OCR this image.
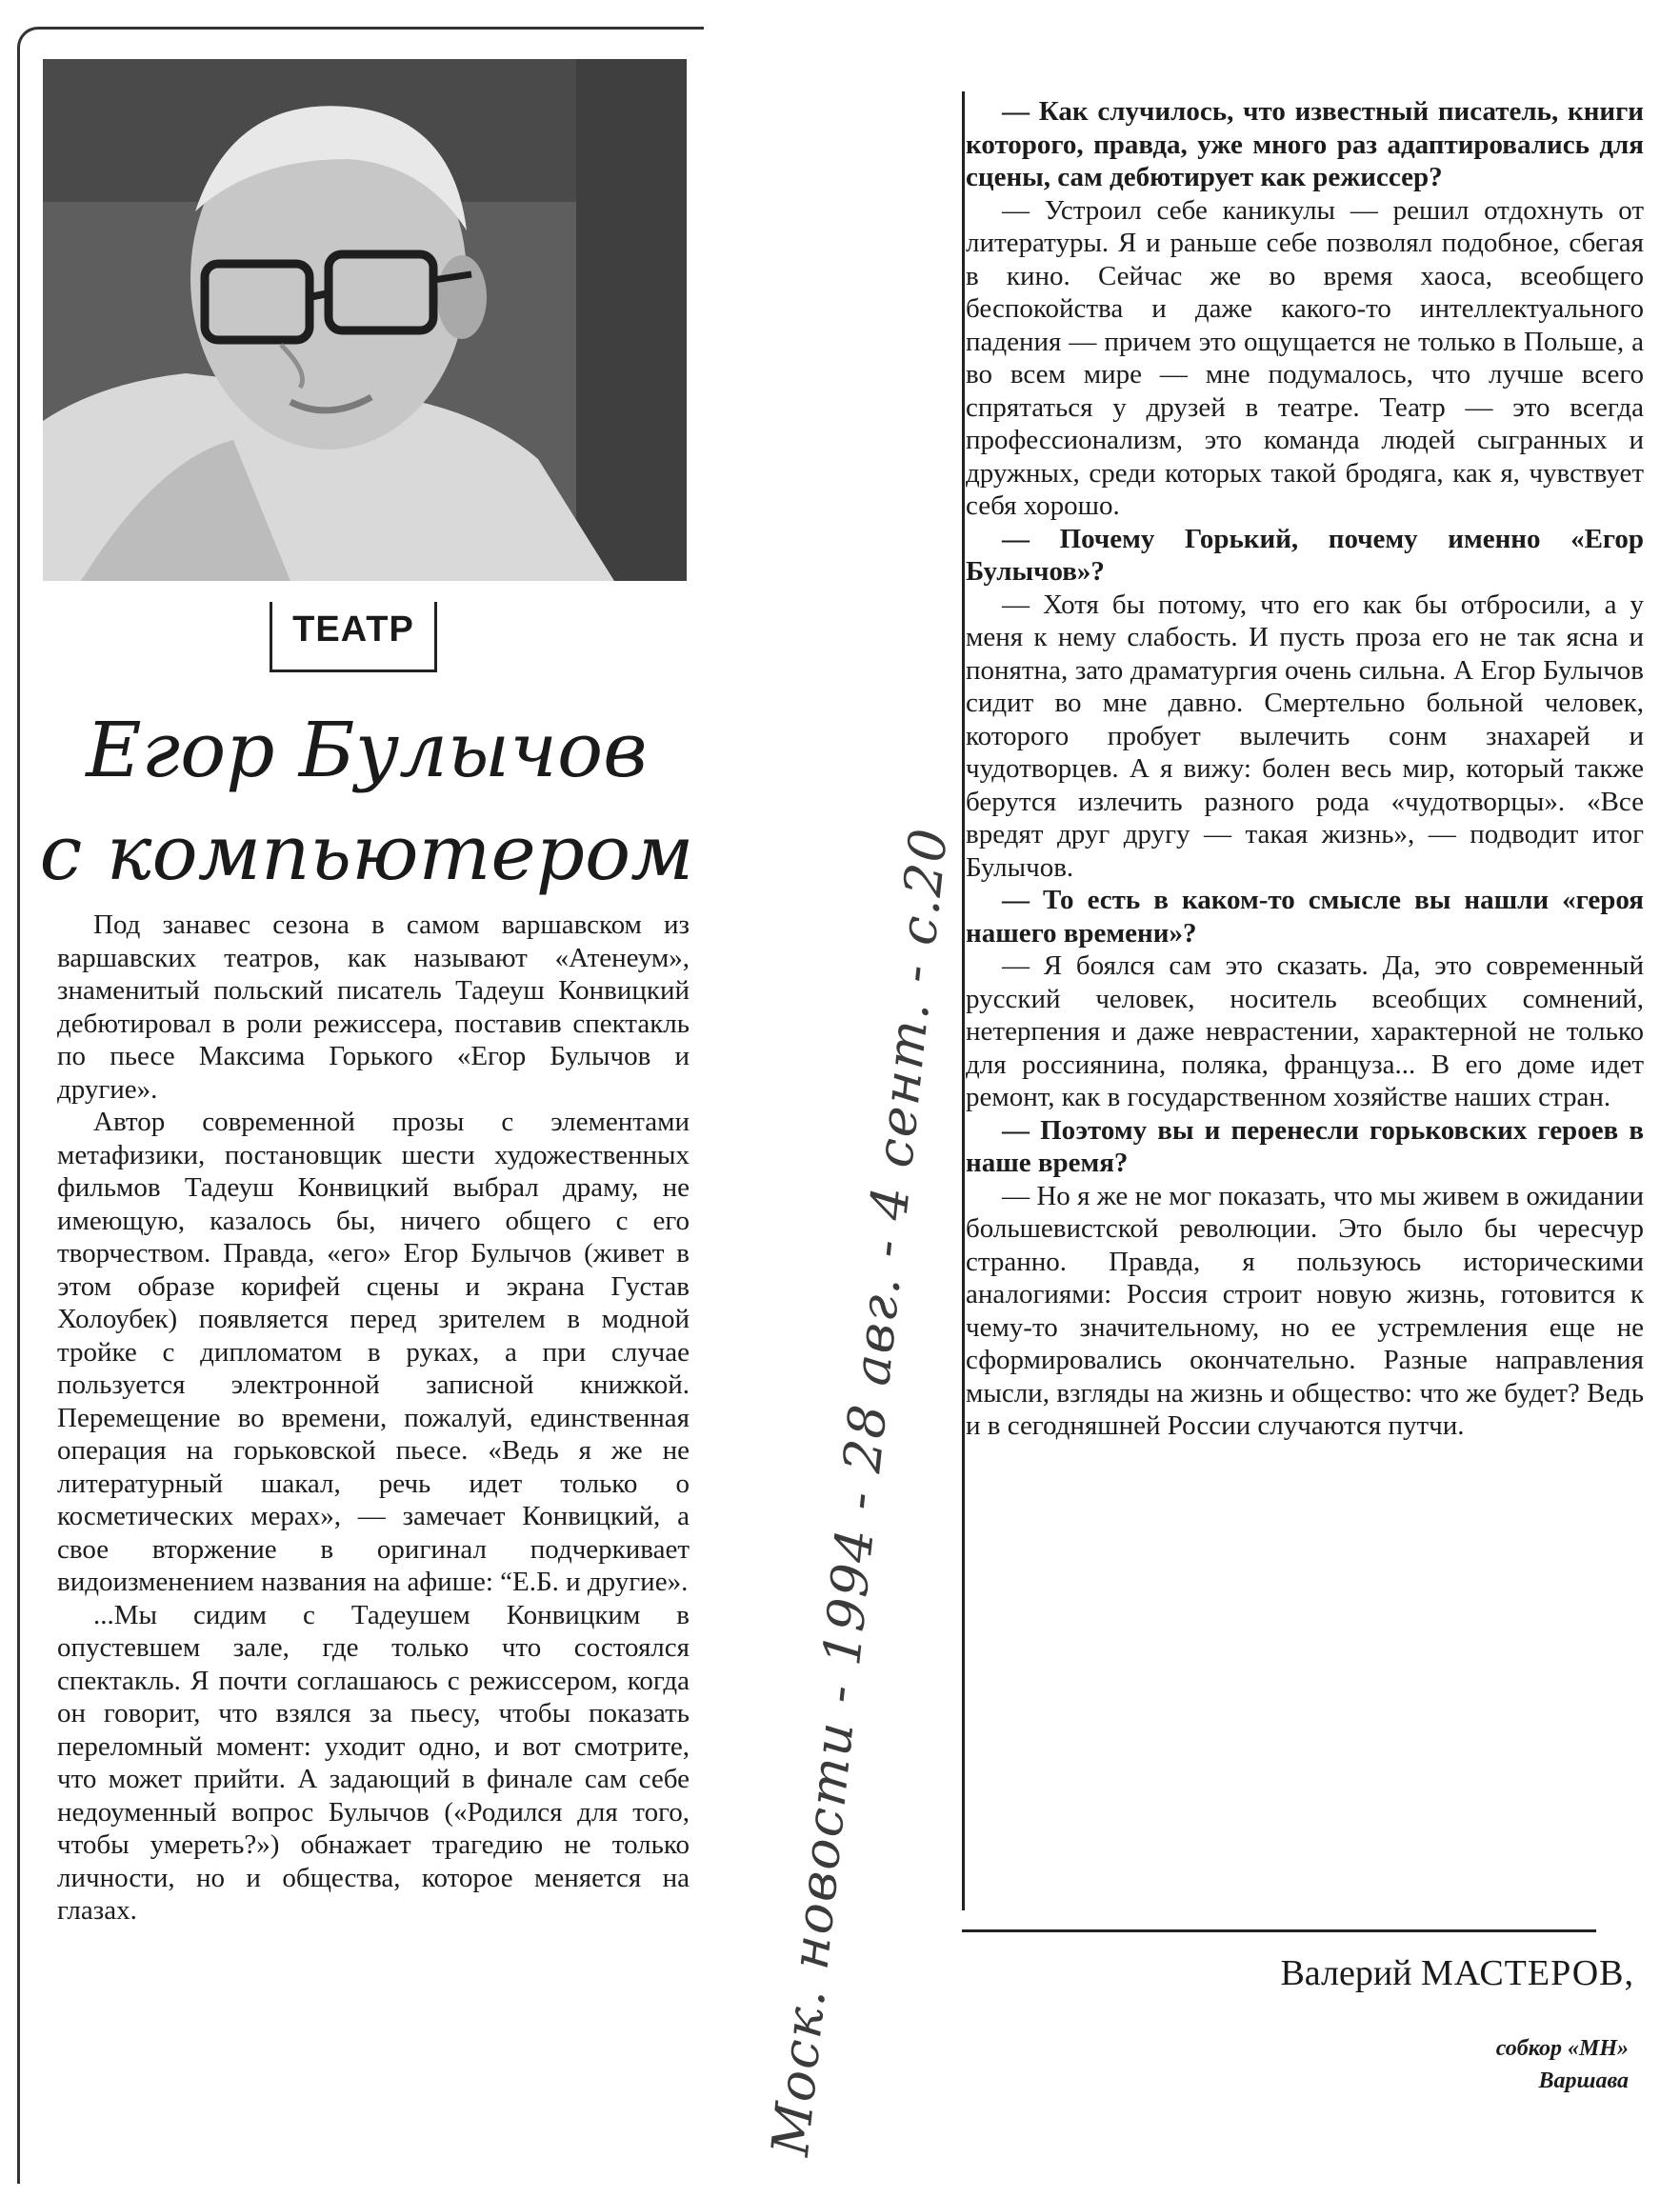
ТЕАТР
Егор Булычов
с компьютером

Под занавес сезона в самом варшавском из варшавских театров, как называют «Атенеум», знаменитый польский писатель Тадеуш Конвицкий дебютировал в роли режиссера, поставив спектакль по пьесе Максима Горького «Егор Булычов и другие».

Автор современной прозы с элементами метафизики, постановщик шести художественных фильмов Тадеуш Конвицкий выбрал драму, не имеющую, казалось бы, ничего общего с его творчеством. Правда, «его» Егор Булычов (живет в этом образе корифей сцены и экрана Густав Холоубек) появляется перед зрителем в модной тройке с дипломатом в руках, а при случае пользуется электронной записной книжкой. Перемещение во времени, пожалуй, единственная операция на горьковской пьесе. «Ведь я же не литературный шакал, речь идет только о косметических мерах», — замечает Конвицкий, а свое вторжение в оригинал подчеркивает видоизменением названия на афише: “Е.Б. и другие».

...Мы сидим с Тадеушем Конвицким в опустевшем зале, где только что состоялся спектакль. Я почти соглашаюсь с режиссером, когда он говорит, что взялся за пьесу, чтобы показать переломный момент: уходит одно, и вот смотрите, что может прийти. А задающий в финале сам себе недоуменный вопрос Булычов («Родился для того, чтобы умереть?») обнажает трагедию не только личности, но и общества, которое меняется на глазах.

— Как случилось, что известный писатель, книги которого, правда, уже много раз адаптировались для сцены, сам дебютирует как режиссер?

— Устроил себе каникулы — решил отдохнуть от литературы. Я и раньше себе позволял подобное, сбегая в кино. Сейчас же во время хаоса, всеобщего беспокойства и даже какого-то интеллектуального падения — причем это ощущается не только в Польше, а во всем мире — мне подумалось, что лучше всего спрятаться у друзей в театре. Театр — это всегда профессионализм, это команда людей сыгранных и дружных, среди которых такой бродяга, как я, чувствует себя хорошо.

— Почему Горький, почему именно «Егор Булычов»?

— Хотя бы потому, что его как бы отбросили, а у меня к нему слабость. И пусть проза его не так ясна и понятна, зато драматургия очень сильна. А Егор Булычов сидит во мне давно. Смертельно больной человек, которого пробует вылечить сонм знахарей и чудотворцев. А я вижу: болен весь мир, который также берутся излечить разного рода «чудотворцы». «Все вредят друг другу — такая жизнь», — подводит итог Булычов.

— То есть в каком-то смысле вы нашли «героя нашего времени»?

— Я боялся сам это сказать. Да, это современный русский человек, носитель всеобщих сомнений, нетерпения и даже неврастении, характерной не только для россиянина, поляка, француза... В его доме идет ремонт, как в государственном хозяйстве наших стран.

— Поэтому вы и перенесли горьковских героев в наше время?

— Но я же не мог показать, что мы живем в ожидании большевистской революции. Это было бы чересчур странно. Правда, я пользуюсь историческими аналогиями: Россия строит новую жизнь, готовится к чему-то значительному, но ее устремления еще не сформировались окончательно. Разные направления мысли, взгляды на жизнь и общество: что же будет? Ведь и в сегодняшней России случаются путчи.

Валерий МАСТЕРОВ,
собкор «МН»
Варшава
Моск. новости - 1994 - 28 авг. - 4 сент. - с.20
